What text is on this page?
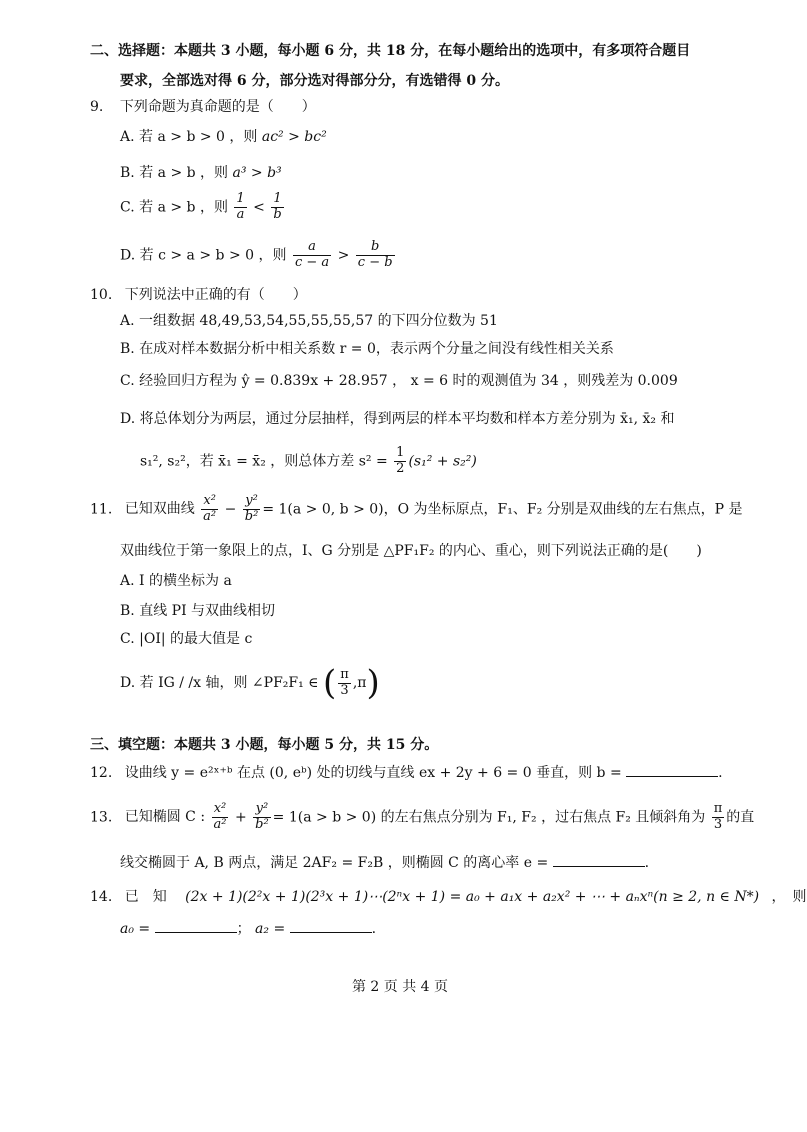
二、选择题：本题共 3 小题，每小题 6 分，共 18 分，在每小题给出的选项中，有多项符合题目
要求，全部选对得 6 分，部分选对得部分分，有选错得 0 分。
9. 下列命题为真命题的是（　　）
A. 若 a > b > 0 ，则 ac² > bc²
B. 若 a > b ，则 a³ > b³
C. 若 a > b ，则 $\frac{1}{a} < \frac{1}{b}$
D. 若 c > a > b > 0 ，则 $\frac{a}{c - a} > \frac{b}{c - b}$
10. 下列说法中正确的有（　　）
A. 一组数据 48,49,53,54,55,55,55,57 的下四分位数为 51
B. 在成对样本数据分析中相关系数 r = 0，表示两个分量之间没有线性相关关系
C. 经验回归方程为 ŷ = 0.839x + 28.957 ， x = 6 时的观测值为 34 ，则残差为 0.009
D. 将总体划分为两层，通过分层抽样，得到两层的样本平均数和样本方差分别为 x̄₁, x̄₂ 和
s₁², s₂²，若 x̄₁ = x̄₂ ，则总体方差 $s^2 = \frac{1}{2} (s_1^2 + s_2^2)$
11. 已知双曲线 $\frac{\text{x²}}{\text{a²}} - \frac{\text{y²}}{\text{b²}} = 1(a > 0$, b > 0)，O 为坐标原点，F₁、F₂ 分别是双曲线的左右焦点，P 是
双曲线位于第一象限上的点，I、G 分别是 △PF₁F₂ 的内心、重心，则下列说法正确的是(　　)
A. I 的横坐标为 a
B. 直线 PI 与双曲线相切
C. |OI| 的最大值是 c
D. 若 IG / /x 轴，则 ∠PF₂F₁ ∈ ( $\frac{\pi}{3} ,\pi$)
三、填空题：本题共 3 小题，每小题 5 分，共 15 分。
12. 设曲线 y = e²ˣ⁺ᵇ 在点 (0, eᵇ) 处的切线与直线 ex + 2y + 6 = 0 垂直，则 b =	.
13. 已知椭圆 C : $\frac{\text{x²}}{\text{a²}} + \frac{\text{y²}}{\text{b²}} = 1(a > b > 0)$ 的左右焦点分别为 F₁, F₂ ，过右焦点 F₂ 且倾斜角为 $\frac{\pi}{3}$ 的直
线交椭圆于 A, B 两点，满足 2AF₂ = F₂B ，则椭圆 C 的离心率 e =	.
14. 已　知 (2x + 1)(2²x + 1)(2³x + 1)⋯(2ⁿx + 1) = a₀ + a₁x + a₂x² + ⋯ + aₙxⁿ(n ≥ 2, n ∈ N*) ，　则
a₀ =	； a₂ =	.
第 2 页 共 4 页
